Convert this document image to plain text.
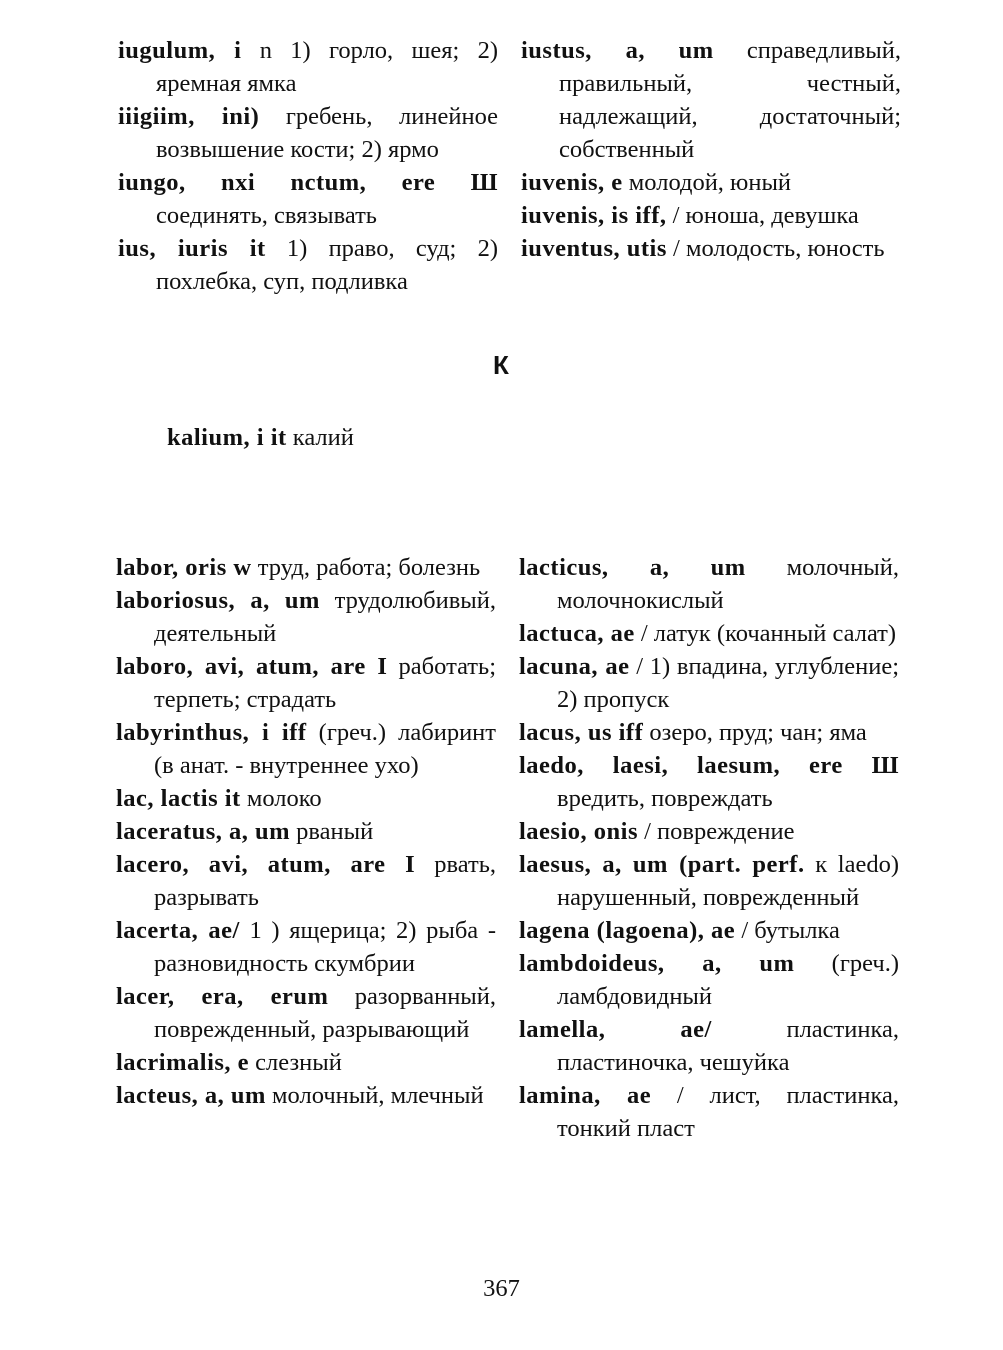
iugulum, i n 1) горло, шея; 2) яремная ямка

iiigiim, ini) гребень, линейное возвышение кости; 2) ярмо

iungo, nxi nctum, ere Ш соединять, связывать

ius, iuris it 1) право, суд; 2) похлебка, суп, подливка

iustus, a, um справедливый, правильный, честный, надлежащий, достаточный; собственный

iuvenis, e молодой, юный

iuvenis, is iff, / юноша, девушка

iuventus, utis / молодость, юность

К
kalium, i it калий

labor, oris w труд, работа; болезнь

laboriosus, a, um трудолюбивый, деятельный

laboro, avi, atum, are I работать; терпеть; страдать

labyrinthus, i iff (греч.) лабиринт (в анат. - внутреннее ухо)

lac, lactis it молоко

laceratus, a, um рваный

lacero, avi, atum, are I рвать, разрывать

lacerta, ae/ 1 ) ящерица; 2) рыба - разновидность скумбрии

lacer, era, erum разорванный, поврежденный, разрывающий

lacrimalis, e слезный

lacteus, a, um молочный, млечный

lacticus, a, um молочный, молочнокислый

lactuca, ae / латук (кочанный салат)

lacuna, ae / 1) впадина, углубление; 2) пропуск

lacus, us iff озеро, пруд; чан; яма

laedo, laesi, laesum, ere Ш вредить, повреждать

laesio, onis / повреждение

laesus, a, um (part. perf. к laedo) нарушенный, поврежденный

lagena (lagoena), ae / бутылка

lambdoideus, a, um (греч.) ламбдовидный

lamella, ae/ пластинка, пластиночка, чешуйка

lamina, ae / лист, пластинка, тонкий пласт

367
